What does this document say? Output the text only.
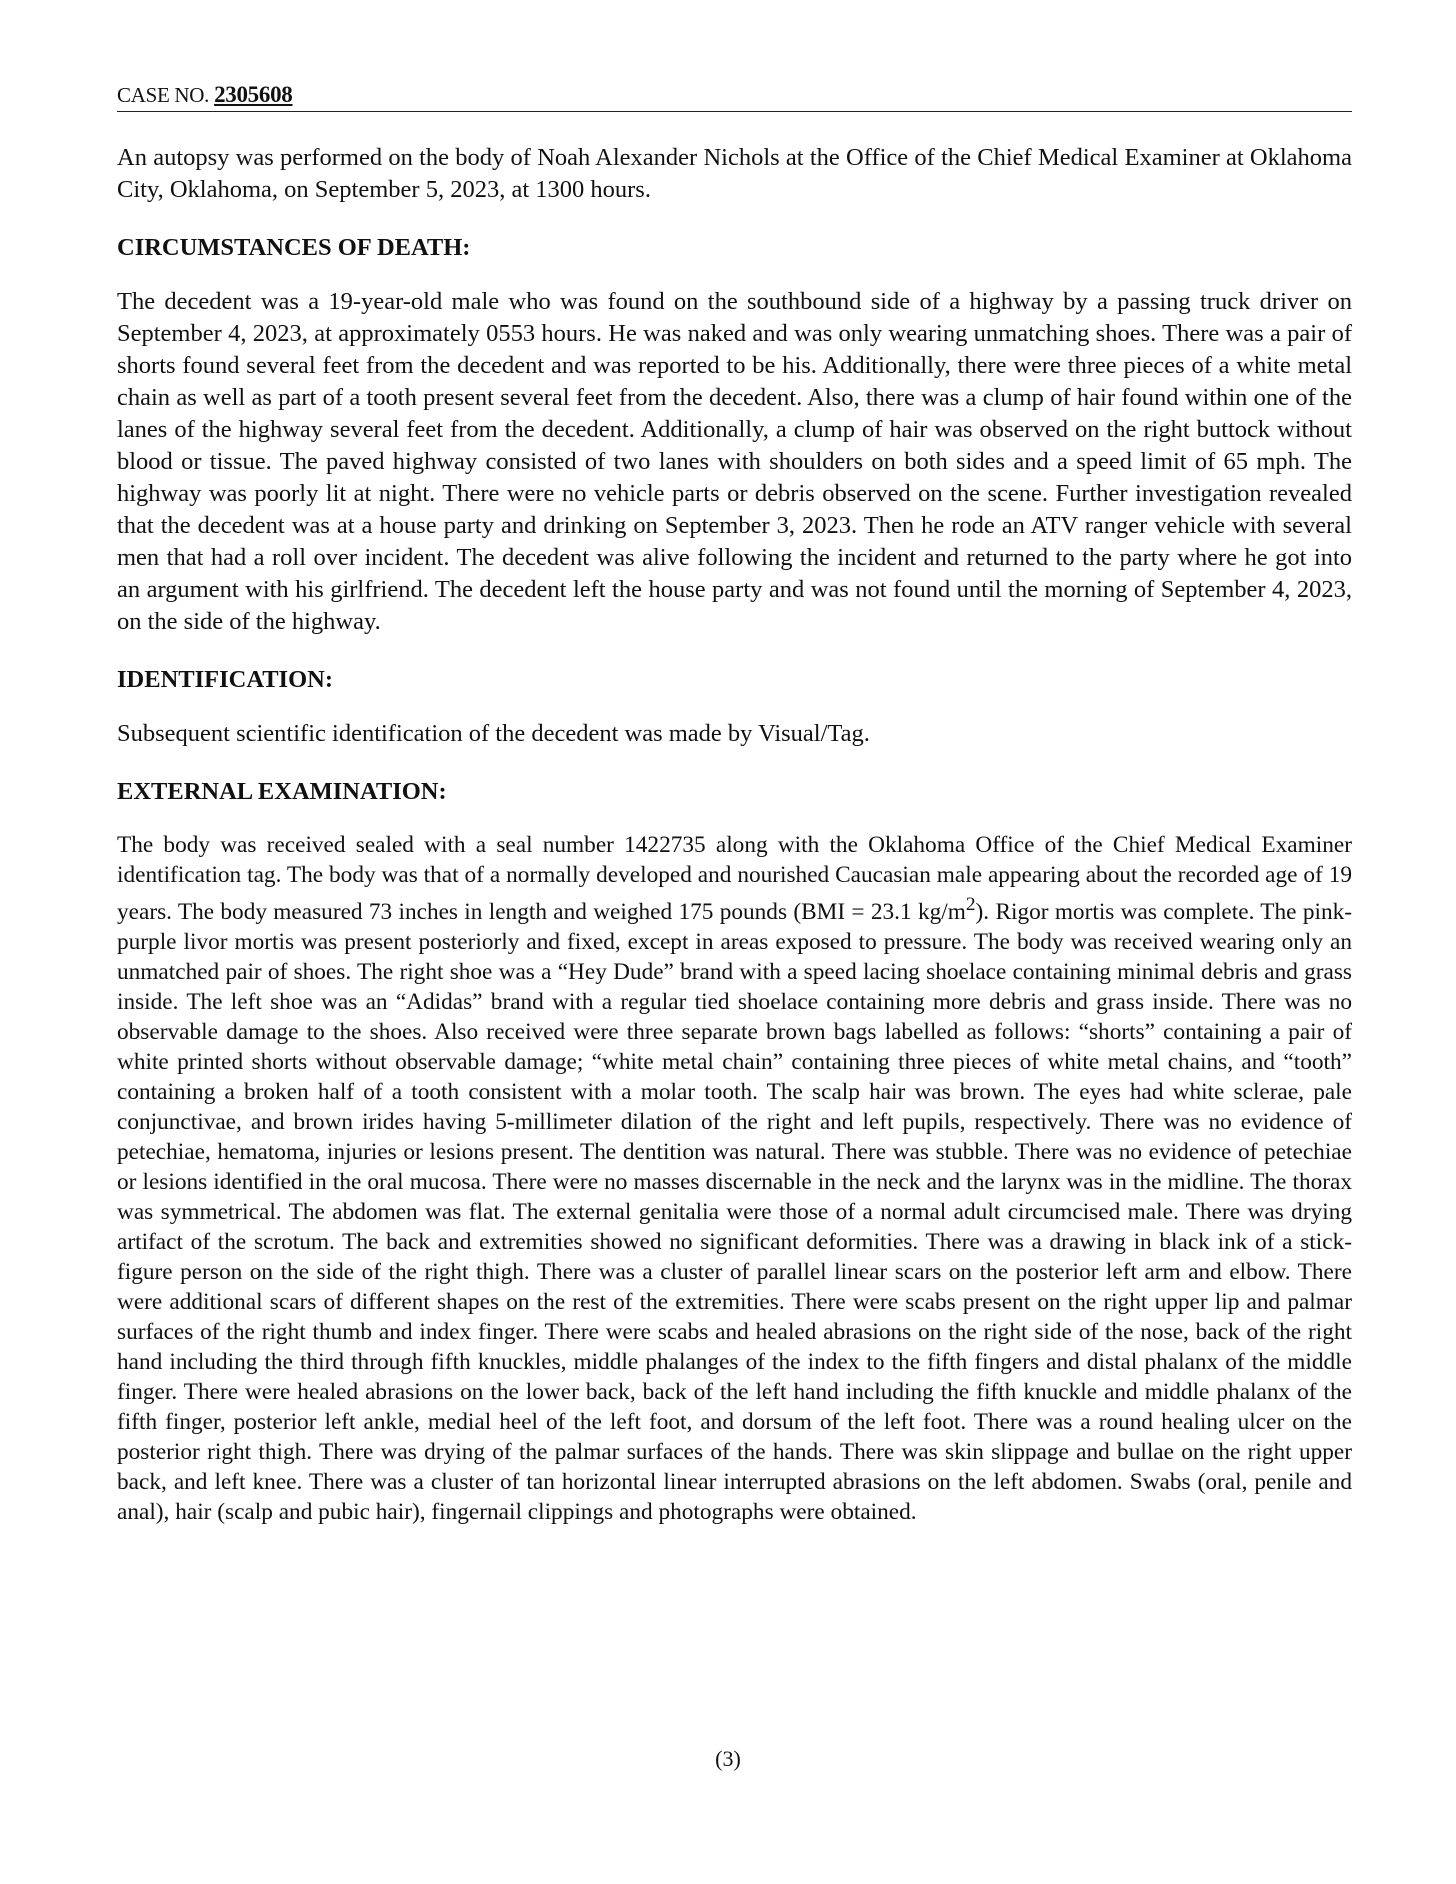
CASE NO. 2305608

An autopsy was performed on the body of Noah Alexander Nichols at the Office of the Chief Medical Examiner at Oklahoma City, Oklahoma, on September 5, 2023, at 1300 hours.

CIRCUMSTANCES OF DEATH:

The decedent was a 19-year-old male who was found on the southbound side of a highway by a passing truck driver on September 4, 2023, at approximately 0553 hours. He was naked and was only wearing unmatching shoes. There was a pair of shorts found several feet from the decedent and was reported to be his. Additionally, there were three pieces of a white metal chain as well as part of a tooth present several feet from the decedent. Also, there was a clump of hair found within one of the lanes of the highway several feet from the decedent. Additionally, a clump of hair was observed on the right buttock without blood or tissue. The paved highway consisted of two lanes with shoulders on both sides and a speed limit of 65 mph. The highway was poorly lit at night. There were no vehicle parts or debris observed on the scene. Further investigation revealed that the decedent was at a house party and drinking on September 3, 2023. Then he rode an ATV ranger vehicle with several men that had a roll over incident. The decedent was alive following the incident and returned to the party where he got into an argument with his girlfriend. The decedent left the house party and was not found until the morning of September 4, 2023, on the side of the highway.

IDENTIFICATION:

Subsequent scientific identification of the decedent was made by Visual/Tag.

EXTERNAL EXAMINATION:

The body was received sealed with a seal number 1422735 along with the Oklahoma Office of the Chief Medical Examiner identification tag. The body was that of a normally developed and nourished Caucasian male appearing about the recorded age of 19 years. The body measured 73 inches in length and weighed 175 pounds (BMI = 23.1 $kg/m^2$). Rigor mortis was complete. The pink-purple livor mortis was present posteriorly and fixed, except in areas exposed to pressure. The body was received wearing only an unmatched pair of shoes. The right shoe was a “Hey Dude” brand with a speed lacing shoelace containing minimal debris and grass inside. The left shoe was an “Adidas” brand with a regular tied shoelace containing more debris and grass inside. There was no observable damage to the shoes. Also received were three separate brown bags labelled as follows: “shorts” containing a pair of white printed shorts without observable damage; “white metal chain” containing three pieces of white metal chains, and “tooth” containing a broken half of a tooth consistent with a molar tooth. The scalp hair was brown. The eyes had white sclerae, pale conjunctivae, and brown irides having 5-millimeter dilation of the right and left pupils, respectively. There was no evidence of petechiae, hematoma, injuries or lesions present. The dentition was natural. There was stubble. There was no evidence of petechiae or lesions identified in the oral mucosa. There were no masses discernable in the neck and the larynx was in the midline. The thorax was symmetrical. The abdomen was flat. The external genitalia were those of a normal adult circumcised male. There was drying artifact of the scrotum. The back and extremities showed no significant deformities. There was a drawing in black ink of a stick-figure person on the side of the right thigh. There was a cluster of parallel linear scars on the posterior left arm and elbow. There were additional scars of different shapes on the rest of the extremities. There were scabs present on the right upper lip and palmar surfaces of the right thumb and index finger. There were scabs and healed abrasions on the right side of the nose, back of the right hand including the third through fifth knuckles, middle phalanges of the index to the fifth fingers and distal phalanx of the middle finger. There were healed abrasions on the lower back, back of the left hand including the fifth knuckle and middle phalanx of the fifth finger, posterior left ankle, medial heel of the left foot, and dorsum of the left foot. There was a round healing ulcer on the posterior right thigh. There was drying of the palmar surfaces of the hands. There was skin slippage and bullae on the right upper back, and left knee. There was a cluster of tan horizontal linear interrupted abrasions on the left abdomen. Swabs (oral, penile and anal), hair (scalp and pubic hair), fingernail clippings and photographs were obtained.

(3)
